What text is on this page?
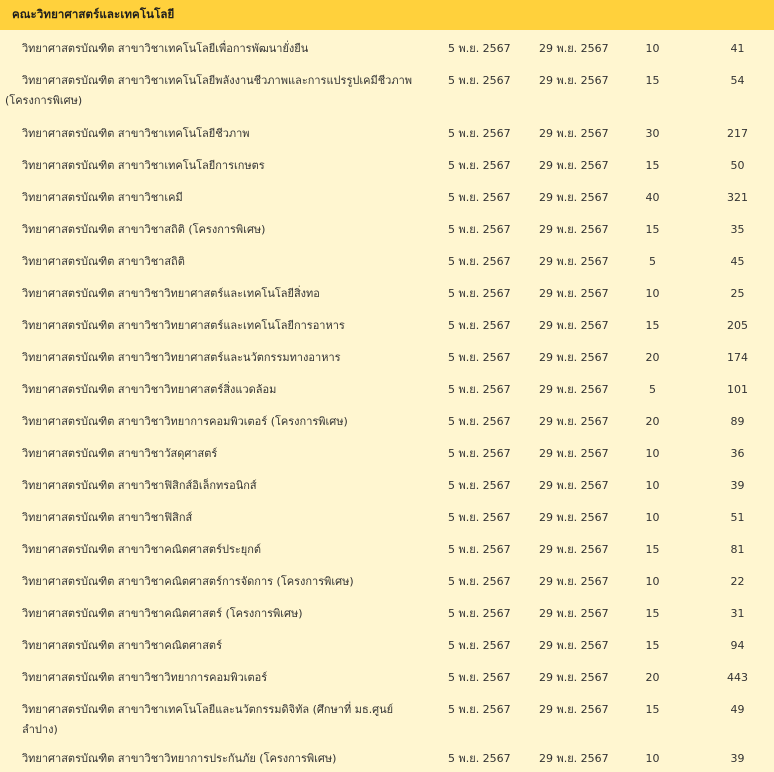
คณะวิทยาศาสตร์และเทคโนโลยี				
วิทยาศาสตรบัณฑิต สาขาวิชาเทคโนโลยีเพื่อการพัฒนายั่งยืน	5 พ.ย. 2567	29 พ.ย. 2567	10	41
วิทยาศาสตรบัณฑิต สาขาวิชาเทคโนโลยีพลังงานชีวภาพและการแปรรูปเคมีชีวภาพ
(โครงการพิเศษ)	5 พ.ย. 2567	29 พ.ย. 2567	15	54
วิทยาศาสตรบัณฑิต สาขาวิชาเทคโนโลยีชีวภาพ	5 พ.ย. 2567	29 พ.ย. 2567	30	217
วิทยาศาสตรบัณฑิต สาขาวิชาเทคโนโลยีการเกษตร	5 พ.ย. 2567	29 พ.ย. 2567	15	50
วิทยาศาสตรบัณฑิต สาขาวิชาเคมี	5 พ.ย. 2567	29 พ.ย. 2567	40	321
วิทยาศาสตรบัณฑิต สาขาวิชาสถิติ (โครงการพิเศษ)	5 พ.ย. 2567	29 พ.ย. 2567	15	35
วิทยาศาสตรบัณฑิต สาขาวิชาสถิติ	5 พ.ย. 2567	29 พ.ย. 2567	5	45
วิทยาศาสตรบัณฑิต สาขาวิชาวิทยาศาสตร์และเทคโนโลยีสิ่งทอ	5 พ.ย. 2567	29 พ.ย. 2567	10	25
วิทยาศาสตรบัณฑิต สาขาวิชาวิทยาศาสตร์และเทคโนโลยีการอาหาร	5 พ.ย. 2567	29 พ.ย. 2567	15	205
วิทยาศาสตรบัณฑิต สาขาวิชาวิทยาศาสตร์และนวัตกรรมทางอาหาร	5 พ.ย. 2567	29 พ.ย. 2567	20	174
วิทยาศาสตรบัณฑิต สาขาวิชาวิทยาศาสตร์สิ่งแวดล้อม	5 พ.ย. 2567	29 พ.ย. 2567	5	101
วิทยาศาสตรบัณฑิต สาขาวิชาวิทยาการคอมพิวเตอร์ (โครงการพิเศษ)	5 พ.ย. 2567	29 พ.ย. 2567	20	89
วิทยาศาสตรบัณฑิต สาขาวิชาวัสดุศาสตร์	5 พ.ย. 2567	29 พ.ย. 2567	10	36
วิทยาศาสตรบัณฑิต สาขาวิชาฟิสิกส์อิเล็กทรอนิกส์	5 พ.ย. 2567	29 พ.ย. 2567	10	39
วิทยาศาสตรบัณฑิต สาขาวิชาฟิสิกส์	5 พ.ย. 2567	29 พ.ย. 2567	10	51
วิทยาศาสตรบัณฑิต สาขาวิชาคณิตศาสตร์ประยุกต์	5 พ.ย. 2567	29 พ.ย. 2567	15	81
วิทยาศาสตรบัณฑิต สาขาวิชาคณิตศาสตร์การจัดการ (โครงการพิเศษ)	5 พ.ย. 2567	29 พ.ย. 2567	10	22
วิทยาศาสตรบัณฑิต สาขาวิชาคณิตศาสตร์ (โครงการพิเศษ)	5 พ.ย. 2567	29 พ.ย. 2567	15	31
วิทยาศาสตรบัณฑิต สาขาวิชาคณิตศาสตร์	5 พ.ย. 2567	29 พ.ย. 2567	15	94
วิทยาศาสตรบัณฑิต สาขาวิชาวิทยาการคอมพิวเตอร์	5 พ.ย. 2567	29 พ.ย. 2567	20	443
วิทยาศาสตรบัณฑิต สาขาวิชาเทคโนโลยีและนวัตกรรมดิจิทัล (ศึกษาที่ มธ.ศูนย์ลำปาง)	5 พ.ย. 2567	29 พ.ย. 2567	15	49
วิทยาศาสตรบัณฑิต สาขาวิชาวิทยาการประกันภัย (โครงการพิเศษ)	5 พ.ย. 2567	29 พ.ย. 2567	10	39
